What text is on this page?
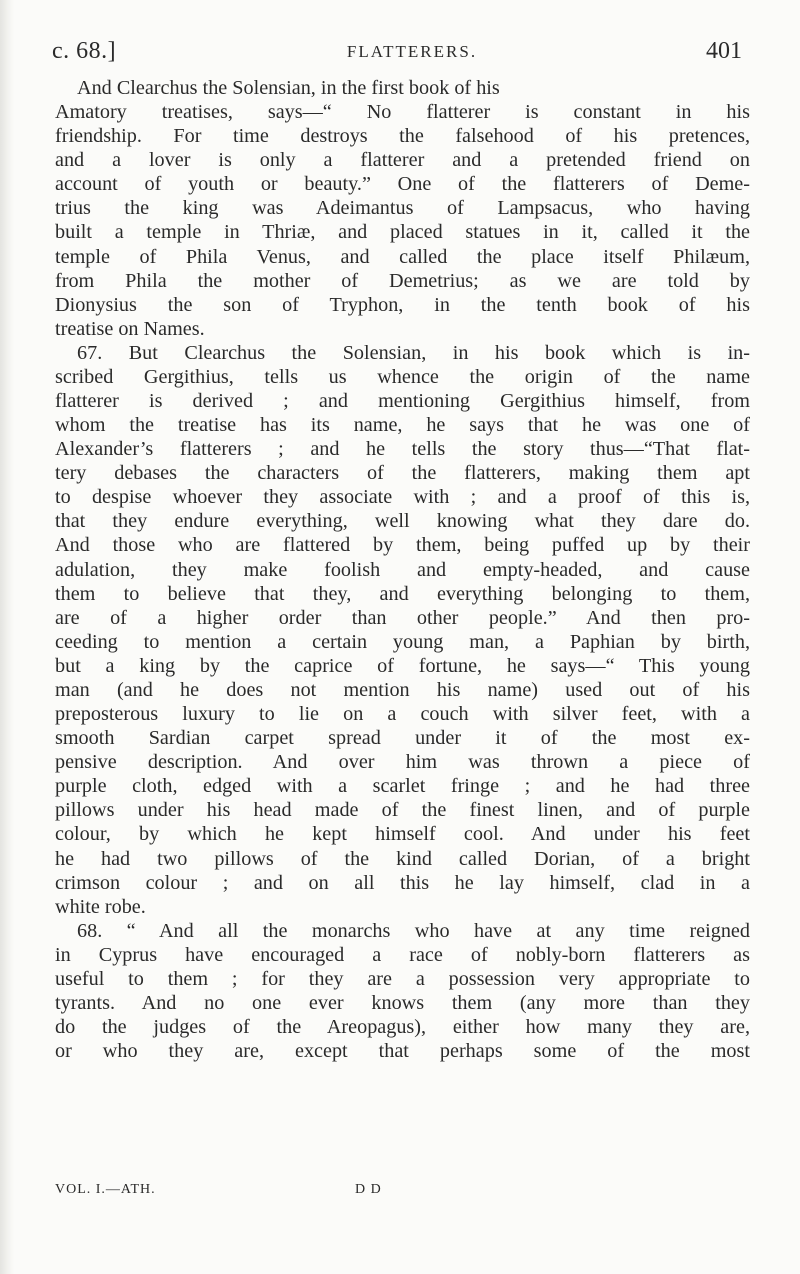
c. 68.]	FLATTERERS.	401
And Clearchus the Solensian, in the first book of his
Amatory treatises, says—“ No flatterer is constant in his
friendship. For time destroys the falsehood of his pretences,
and a lover is only a flatterer and a pretended friend on
account of youth or beauty.” One of the flatterers of Deme-
trius the king was Adeimantus of Lampsacus, who having
built a temple in Thriæ, and placed statues in it, called it the
temple of Phila Venus, and called the place itself Philæum,
from Phila the mother of Demetrius; as we are told by
Dionysius the son of Tryphon, in the tenth book of his
treatise on Names.
67. But Clearchus the Solensian, in his book which is in-
scribed Gergithius, tells us whence the origin of the name
flatterer is derived ; and mentioning Gergithius himself, from
whom the treatise has its name, he says that he was one of
Alexander’s flatterers ; and he tells the story thus—“That flat-
tery debases the characters of the flatterers, making them apt
to despise whoever they associate with ; and a proof of this is,
that they endure everything, well knowing what they dare do.
And those who are flattered by them, being puffed up by their
adulation, they make foolish and empty-headed, and cause
them to believe that they, and everything belonging to them,
are of a higher order than other people.” And then pro-
ceeding to mention a certain young man, a Paphian by birth,
but a king by the caprice of fortune, he says—“ This young
man (and he does not mention his name) used out of his
preposterous luxury to lie on a couch with silver feet, with a
smooth Sardian carpet spread under it of the most ex-
pensive description. And over him was thrown a piece of
purple cloth, edged with a scarlet fringe ; and he had three
pillows under his head made of the finest linen, and of purple
colour, by which he kept himself cool. And under his feet
he had two pillows of the kind called Dorian, of a bright
crimson colour ; and on all this he lay himself, clad in a
white robe.
68. “ And all the monarchs who have at any time reigned
in Cyprus have encouraged a race of nobly-born flatterers as
useful to them ; for they are a possession very appropriate to
tyrants. And no one ever knows them (any more than they
do the judges of the Areopagus), either how many they are,
or who they are, except that perhaps some of the most
VOL. I.—ATH.	D D
